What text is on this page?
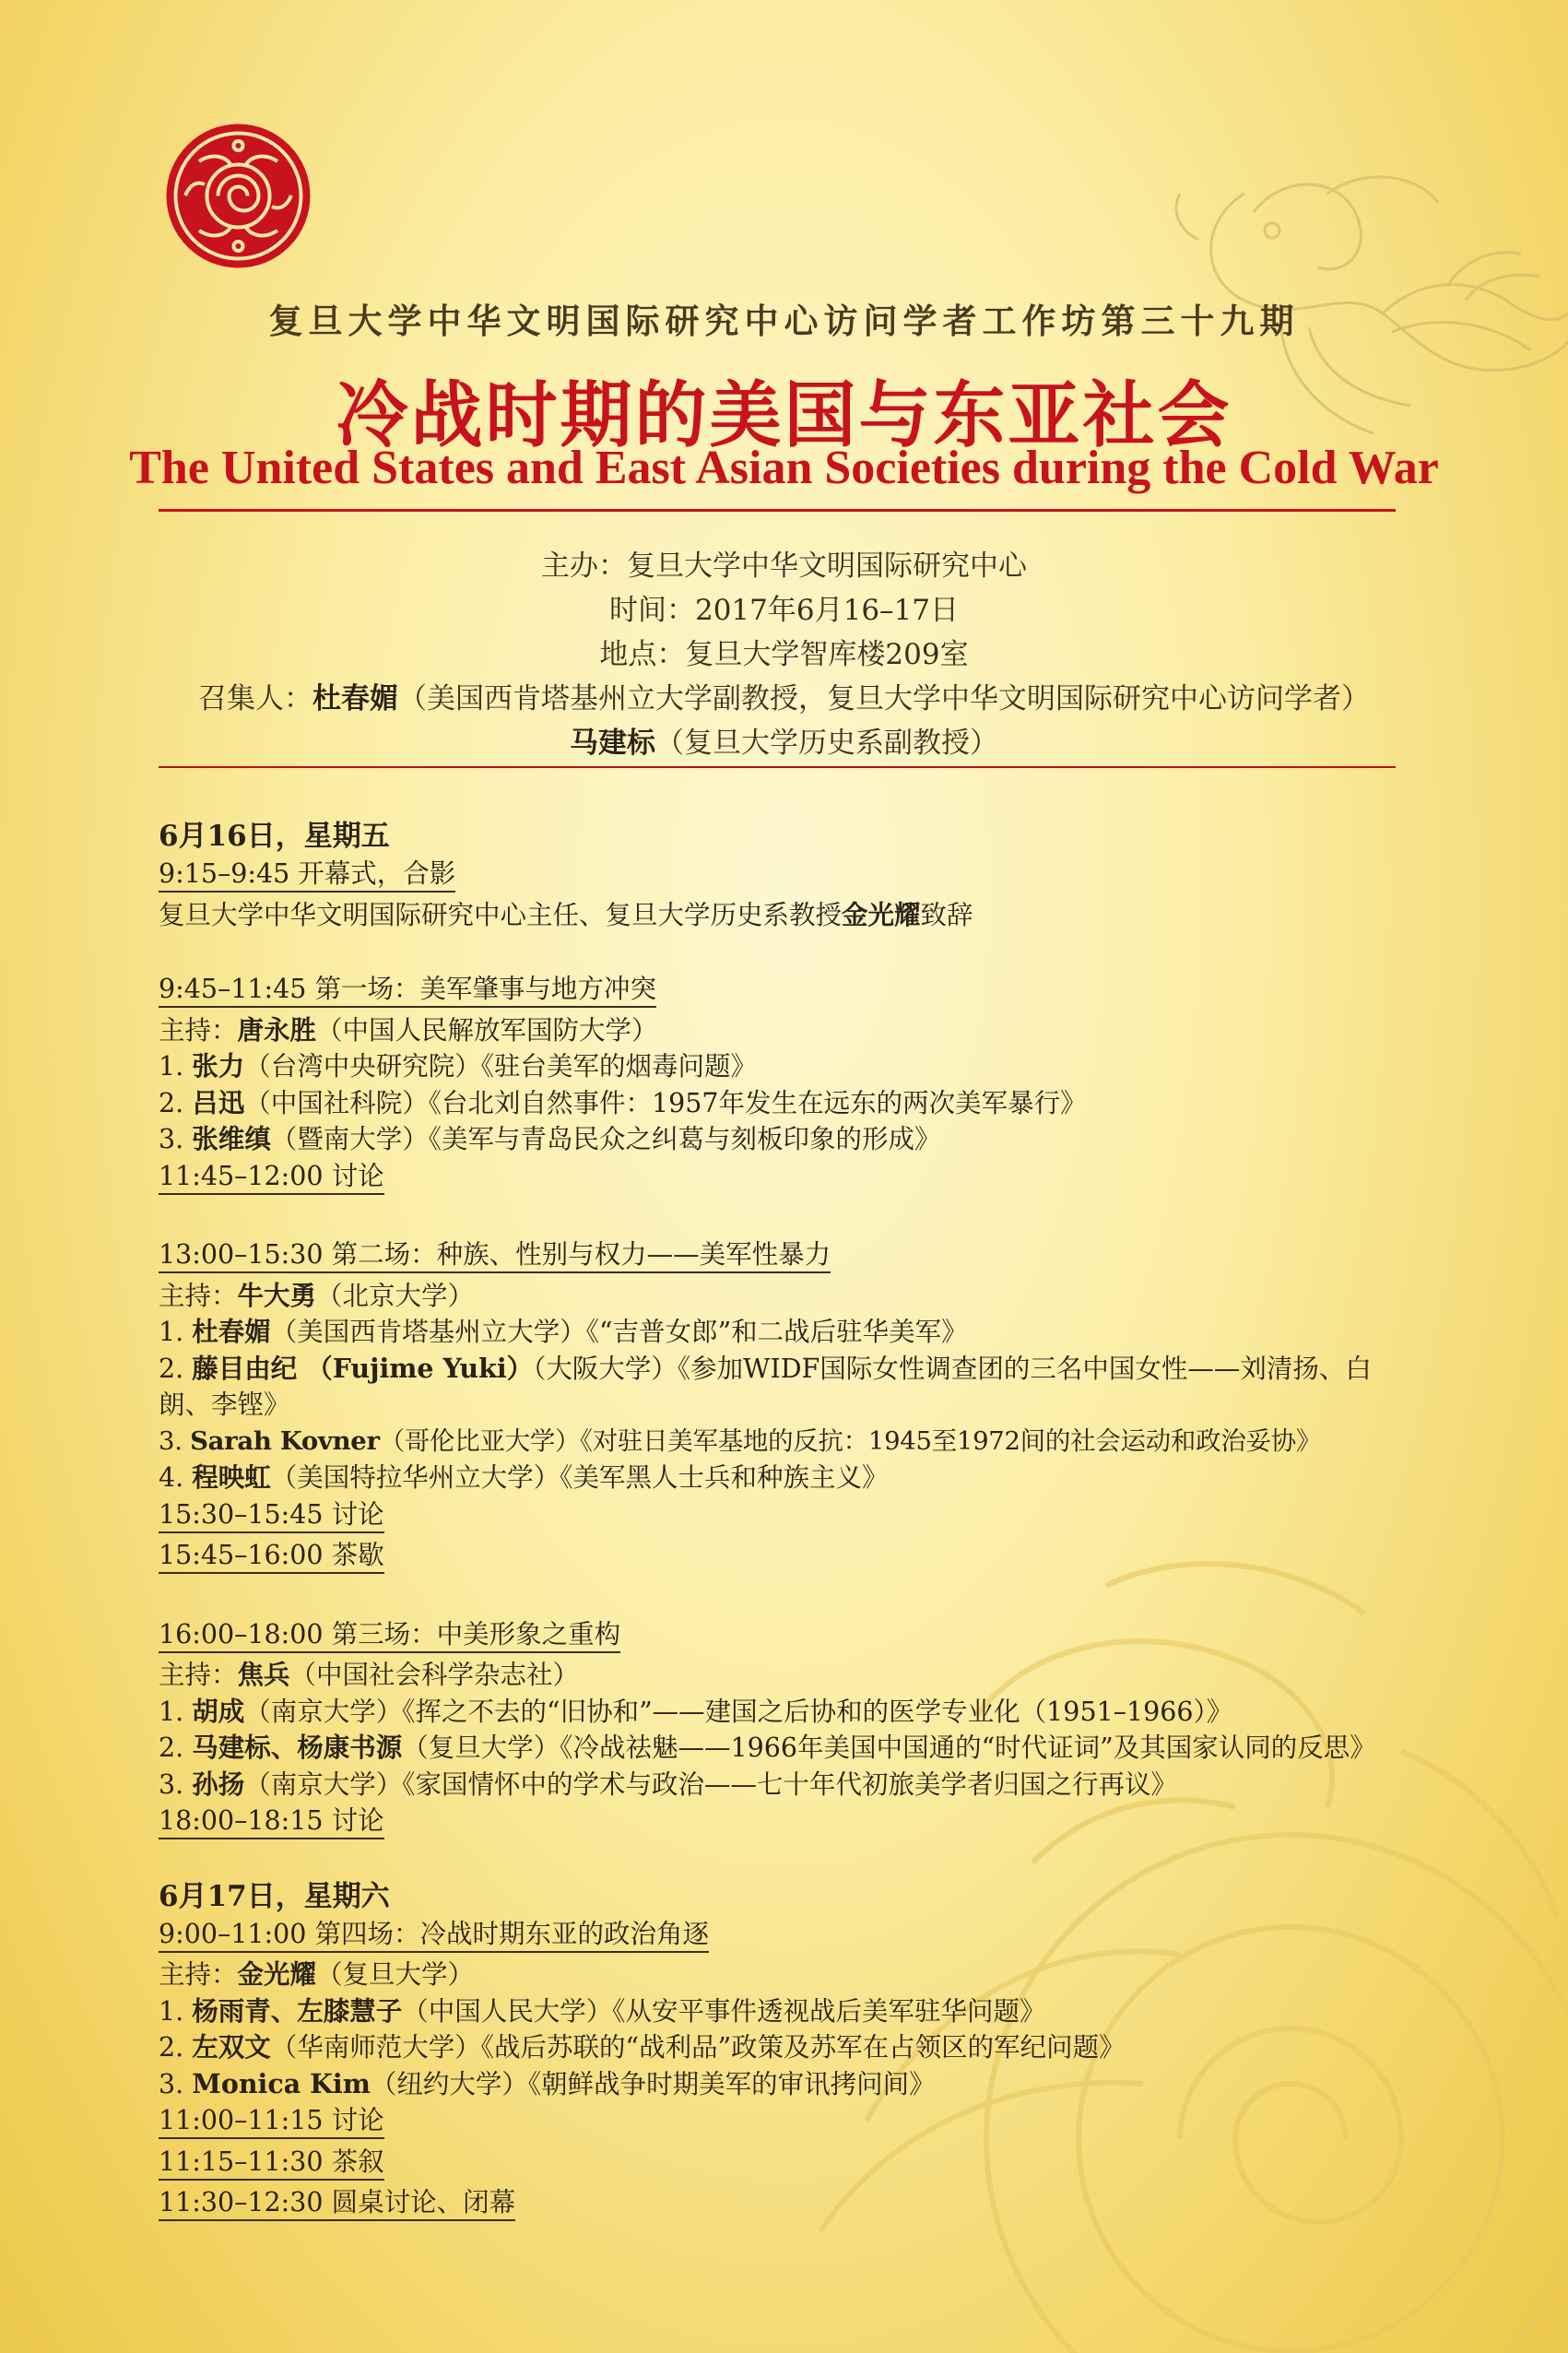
复旦大学中华文明国际研究中心访问学者工作坊第三十九期
冷战时期的美国与东亚社会
The United States and East Asian Societies during the Cold War
主办：复旦大学中华文明国际研究中心
时间：2017年6月16–17日
地点：复旦大学智库楼209室
召集人：杜春媚（美国西肯塔基州立大学副教授，复旦大学中华文明国际研究中心访问学者）
马建标（复旦大学历史系副教授）
6月16日，星期五
9:15–9:45 开幕式，合影
复旦大学中华文明国际研究中心主任、复旦大学历史系教授金光耀致辞
9:45–11:45 第一场：美军肇事与地方冲突
主持：唐永胜（中国人民解放军国防大学）
1. 张力（台湾中央研究院）《驻台美军的烟毒问题》
2. 吕迅（中国社科院）《台北刘自然事件：1957年发生在远东的两次美军暴行》
3. 张维缜（暨南大学）《美军与青岛民众之纠葛与刻板印象的形成》
11:45–12:00 讨论
13:00–15:30 第二场：种族、性别与权力——美军性暴力
主持：牛大勇（北京大学）
1. 杜春媚（美国西肯塔基州立大学）《“吉普女郎”和二战后驻华美军》
2. 藤目由纪 （Fujime Yuki）（大阪大学）《参加WIDF国际女性调查团的三名中国女性——刘清扬、白朗、李铿》
3. Sarah Kovner（哥伦比亚大学）《对驻日美军基地的反抗：1945至1972间的社会运动和政治妥协》
4. 程映虹（美国特拉华州立大学）《美军黑人士兵和种族主义》
15:30–15:45 讨论
15:45–16:00 茶歇
16:00–18:00 第三场：中美形象之重构
主持：焦兵（中国社会科学杂志社）
1. 胡成（南京大学）《挥之不去的“旧协和”——建国之后协和的医学专业化（1951–1966）》
2. 马建标、杨康书源（复旦大学）《冷战祛魅——1966年美国中国通的“时代证词”及其国家认同的反思》
3. 孙扬（南京大学）《家国情怀中的学术与政治——七十年代初旅美学者归国之行再议》
18:00–18:15 讨论
6月17日，星期六
9:00–11:00 第四场：冷战时期东亚的政治角逐
主持：金光耀（复旦大学）
1. 杨雨青、左膝慧子（中国人民大学）《从安平事件透视战后美军驻华问题》
2. 左双文（华南师范大学）《战后苏联的“战利品”政策及苏军在占领区的军纪问题》
3. Monica Kim（纽约大学）《朝鲜战争时期美军的审讯拷问间》
11:00–11:15 讨论
11:15–11:30 茶叙
11:30–12:30 圆桌讨论、闭幕
